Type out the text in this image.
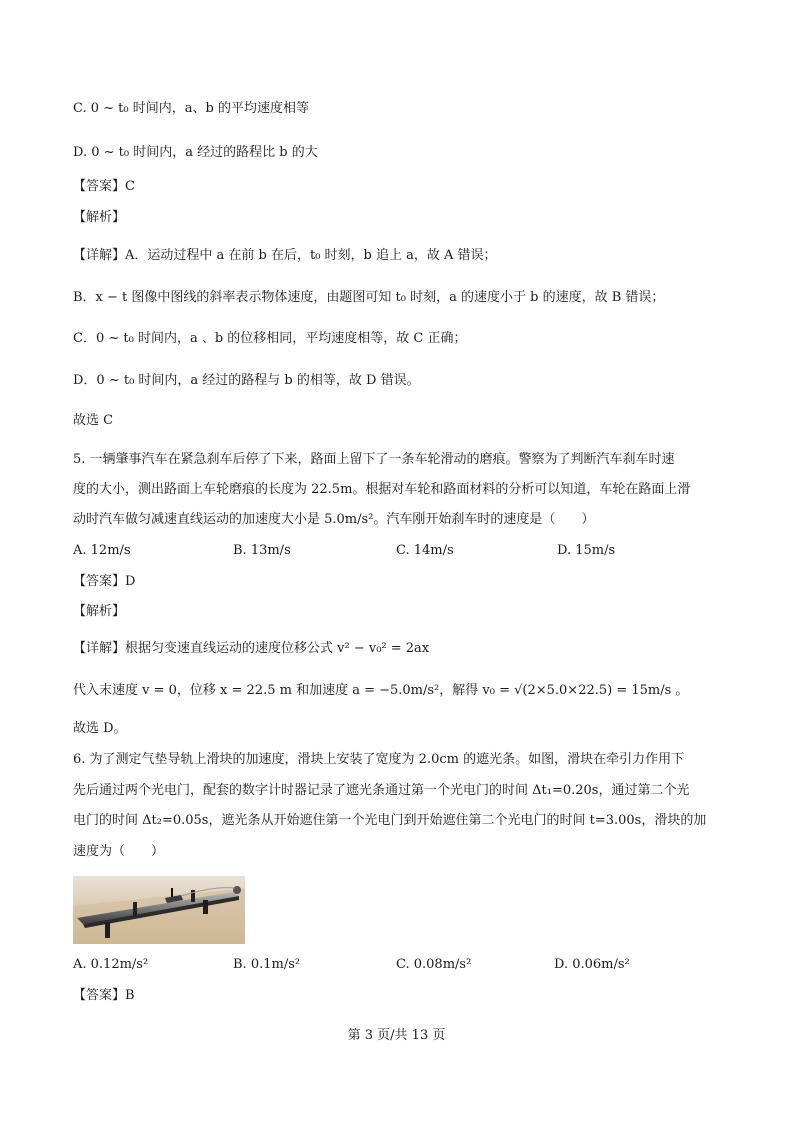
C. 0 ~ t₀ 时间内，a、b 的平均速度相等
D. 0 ~ t₀ 时间内，a 经过的路程比 b 的大
【答案】C
【解析】
【详解】A．运动过程中 a 在前 b 在后，t₀ 时刻，b 追上 a，故 A 错误；
B．x − t 图像中图线的斜率表示物体速度，由题图可知 t₀ 时刻，a 的速度小于 b 的速度，故 B 错误；
C．0 ~ t₀ 时间内，a 、b 的位移相同，平均速度相等，故 C 正确；
D．0 ~ t₀ 时间内，a 经过的路程与 b 的相等，故 D 错误。
故选 C
5. 一辆肇事汽车在紧急刹车后停了下来，路面上留下了一条车轮滑动的磨痕。警察为了判断汽车刹车时速
度的大小，测出路面上车轮磨痕的长度为 22.5m。根据对车轮和路面材料的分析可以知道，车轮在路面上滑
动时汽车做匀减速直线运动的加速度大小是 5.0m/s²。汽车刚开始刹车时的速度是（　　）
A. 12m/s	B. 13m/s	C. 14m/s	D. 15m/s
【答案】D
【解析】
【详解】根据匀变速直线运动的速度位移公式 v² − v₀² = 2ax
代入末速度 v = 0，位移 x = 22.5 m 和加速度 a = −5.0m/s²，解得 v₀ = √(2×5.0×22.5) = 15m/s 。
故选 D。
6. 为了测定气垫导轨上滑块的加速度，滑块上安装了宽度为 2.0cm 的遮光条。如图，滑块在牵引力作用下
先后通过两个光电门，配套的数字计时器记录了遮光条通过第一个光电门的时间 Δt₁=0.20s，通过第二个光
电门的时间 Δt₂=0.05s，遮光条从开始遮住第一个光电门到开始遮住第二个光电门的时间 t=3.00s，滑块的加
速度为（　　）
A. 0.12m/s²	B. 0.1m/s²	C. 0.08m/s²	D. 0.06m/s²
【答案】B
第 3 页/共 13 页
